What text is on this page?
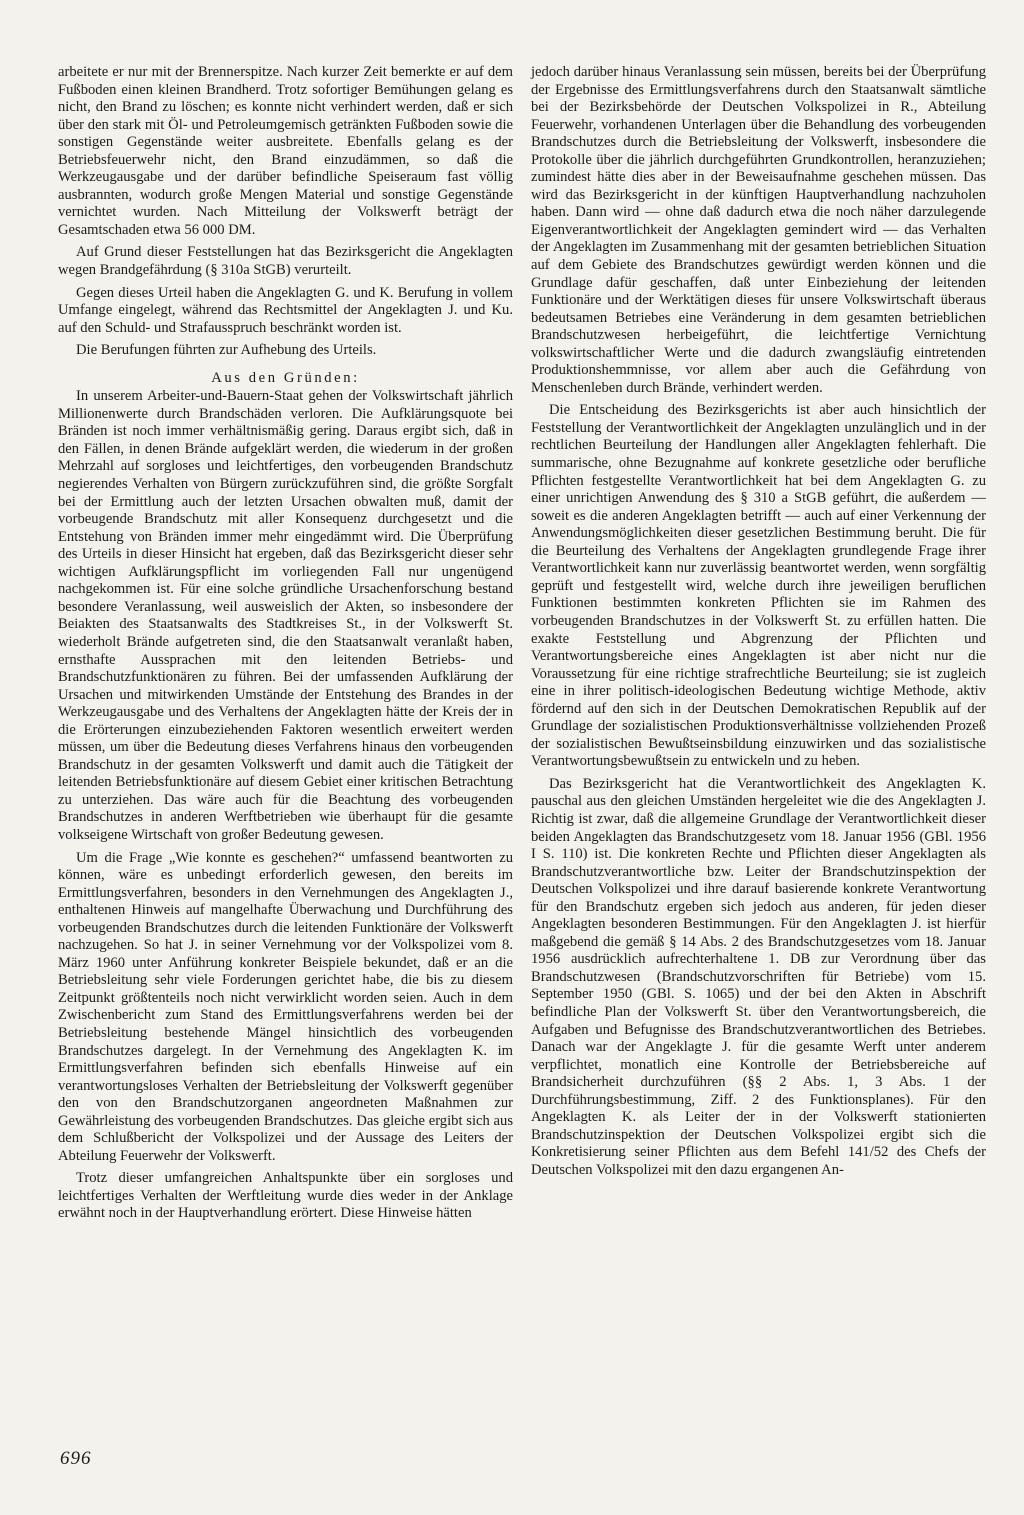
arbeitete er nur mit der Brennerspitze. Nach kurzer Zeit bemerkte er auf dem Fußboden einen kleinen Brandherd. Trotz sofortiger Bemühungen gelang es nicht, den Brand zu löschen; es konnte nicht verhindert werden, daß er sich über den stark mit Öl- und Petroleumgemisch getränkten Fußboden sowie die sonstigen Gegenstände weiter ausbreitete. Ebenfalls gelang es der Betriebsfeuerwehr nicht, den Brand einzudämmen, so daß die Werkzeugausgabe und der darüber befindliche Speiseraum fast völlig ausbrannten, wodurch große Mengen Material und sonstige Gegenstände vernichtet wurden. Nach Mitteilung der Volkswerft beträgt der Gesamtschaden etwa 56 000 DM.

Auf Grund dieser Feststellungen hat das Bezirksgericht die Angeklagten wegen Brandgefährdung (§ 310a StGB) verurteilt.

Gegen dieses Urteil haben die Angeklagten G. und K. Berufung in vollem Umfange eingelegt, während das Rechtsmittel der Angeklagten J. und Ku. auf den Schuld- und Strafausspruch beschränkt worden ist.

Die Berufungen führten zur Aufhebung des Urteils.

Aus den Gründen:

In unserem Arbeiter-und-Bauern-Staat gehen der Volkswirtschaft jährlich Millionenwerte durch Brandschäden verloren. Die Aufklärungsquote bei Bränden ist noch immer verhältnismäßig gering. Daraus ergibt sich, daß in den Fällen, in denen Brände aufgeklärt werden, die wiederum in der großen Mehrzahl auf sorgloses und leichtfertiges, den vorbeugenden Brandschutz negierendes Verhalten von Bürgern zurückzuführen sind, die größte Sorgfalt bei der Ermittlung auch der letzten Ursachen obwalten muß, damit der vorbeugende Brandschutz mit aller Konsequenz durchgesetzt und die Entstehung von Bränden immer mehr eingedämmt wird. Die Überprüfung des Urteils in dieser Hinsicht hat ergeben, daß das Bezirksgericht dieser sehr wichtigen Aufklärungspflicht im vorliegenden Fall nur ungenügend nachgekommen ist. Für eine solche gründliche Ursachenforschung bestand besondere Veranlassung, weil ausweislich der Akten, so insbesondere der Beiakten des Staatsanwalts des Stadtkreises St., in der Volkswerft St. wiederholt Brände aufgetreten sind, die den Staatsanwalt veranlaßt haben, ernsthafte Aussprachen mit den leitenden Betriebs- und Brandschutzfunktionären zu führen. Bei der umfassenden Aufklärung der Ursachen und mitwirkenden Umstände der Entstehung des Brandes in der Werkzeugausgabe und des Verhaltens der Angeklagten hätte der Kreis der in die Erörterungen einzubeziehenden Faktoren wesentlich erweitert werden müssen, um über die Bedeutung dieses Verfahrens hinaus den vorbeugenden Brandschutz in der gesamten Volkswerft und damit auch die Tätigkeit der leitenden Betriebsfunktionäre auf diesem Gebiet einer kritischen Betrachtung zu unterziehen. Das wäre auch für die Beachtung des vorbeugenden Brandschutzes in anderen Werftbetrieben wie überhaupt für die gesamte volkseigene Wirtschaft von großer Bedeutung gewesen.

Um die Frage „Wie konnte es geschehen?“ umfassend beantworten zu können, wäre es unbedingt erforderlich gewesen, den bereits im Ermittlungsverfahren, besonders in den Vernehmungen des Angeklagten J., enthaltenen Hinweis auf mangelhafte Überwachung und Durchführung des vorbeugenden Brandschutzes durch die leitenden Funktionäre der Volkswerft nachzugehen. So hat J. in seiner Vernehmung vor der Volkspolizei vom 8. März 1960 unter Anführung konkreter Beispiele bekundet, daß er an die Betriebsleitung sehr viele Forderungen gerichtet habe, die bis zu diesem Zeitpunkt größtenteils noch nicht verwirklicht worden seien. Auch in dem Zwischenbericht zum Stand des Ermittlungsverfahrens werden bei der Betriebsleitung bestehende Mängel hinsichtlich des vorbeugenden Brandschutzes dargelegt. In der Vernehmung des Angeklagten K. im Ermittlungsverfahren befinden sich ebenfalls Hinweise auf ein verantwortungsloses Verhalten der Betriebsleitung der Volkswerft gegenüber den von den Brandschutzorganen angeordneten Maßnahmen zur Gewährleistung des vorbeugenden Brandschutzes. Das gleiche ergibt sich aus dem Schlußbericht der Volkspolizei und der Aussage des Leiters der Abteilung Feuerwehr der Volkswerft.

Trotz dieser umfangreichen Anhaltspunkte über ein sorgloses und leichtfertiges Verhalten der Werftleitung wurde dies weder in der Anklage erwähnt noch in der Hauptverhandlung erörtert. Diese Hinweise hätten

jedoch darüber hinaus Veranlassung sein müssen, bereits bei der Überprüfung der Ergebnisse des Ermittlungsverfahrens durch den Staatsanwalt sämtliche bei der Bezirksbehörde der Deutschen Volkspolizei in R., Abteilung Feuerwehr, vorhandenen Unterlagen über die Behandlung des vorbeugenden Brandschutzes durch die Betriebsleitung der Volkswerft, insbesondere die Protokolle über die jährlich durchgeführten Grundkontrollen, heranzuziehen; zumindest hätte dies aber in der Beweisaufnahme geschehen müssen. Das wird das Bezirksgericht in der künftigen Hauptverhandlung nachzuholen haben. Dann wird — ohne daß dadurch etwa die noch näher darzulegende Eigenverantwortlichkeit der Angeklagten gemindert wird — das Verhalten der Angeklagten im Zusammenhang mit der gesamten betrieblichen Situation auf dem Gebiete des Brandschutzes gewürdigt werden können und die Grundlage dafür geschaffen, daß unter Einbeziehung der leitenden Funktionäre und der Werktätigen dieses für unsere Volkswirtschaft überaus bedeutsamen Betriebes eine Veränderung in dem gesamten betrieblichen Brandschutzwesen herbeigeführt, die leichtfertige Vernichtung volkswirtschaftlicher Werte und die dadurch zwangsläufig eintretenden Produktionshemmnisse, vor allem aber auch die Gefährdung von Menschenleben durch Brände, verhindert werden.

Die Entscheidung des Bezirksgerichts ist aber auch hinsichtlich der Feststellung der Verantwortlichkeit der Angeklagten unzulänglich und in der rechtlichen Beurteilung der Handlungen aller Angeklagten fehlerhaft. Die summarische, ohne Bezugnahme auf konkrete gesetzliche oder berufliche Pflichten festgestellte Verantwortlichkeit hat bei dem Angeklagten G. zu einer unrichtigen Anwendung des § 310 a StGB geführt, die außerdem — soweit es die anderen Angeklagten betrifft — auch auf einer Verkennung der Anwendungsmöglichkeiten dieser gesetzlichen Bestimmung beruht. Die für die Beurteilung des Verhaltens der Angeklagten grundlegende Frage ihrer Verantwortlichkeit kann nur zuverlässig beantwortet werden, wenn sorgfältig geprüft und festgestellt wird, welche durch ihre jeweiligen beruflichen Funktionen bestimmten konkreten Pflichten sie im Rahmen des vorbeugenden Brandschutzes in der Volkswerft St. zu erfüllen hatten. Die exakte Feststellung und Abgrenzung der Pflichten und Verantwortungsbereiche eines Angeklagten ist aber nicht nur die Voraussetzung für eine richtige strafrechtliche Beurteilung; sie ist zugleich eine in ihrer politisch-ideologischen Bedeutung wichtige Methode, aktiv fördernd auf den sich in der Deutschen Demokratischen Republik auf der Grundlage der sozialistischen Produktionsverhältnisse vollziehenden Prozeß der sozialistischen Bewußtseinsbildung einzuwirken und das sozialistische Verantwortungsbewußtsein zu entwickeln und zu heben.

Das Bezirksgericht hat die Verantwortlichkeit des Angeklagten K. pauschal aus den gleichen Umständen hergeleitet wie die des Angeklagten J. Richtig ist zwar, daß die allgemeine Grundlage der Verantwortlichkeit dieser beiden Angeklagten das Brandschutzgesetz vom 18. Januar 1956 (GBl. 1956 I S. 110) ist. Die konkreten Rechte und Pflichten dieser Angeklagten als Brandschutzverantwortliche bzw. Leiter der Brandschutzinspektion der Deutschen Volkspolizei und ihre darauf basierende konkrete Verantwortung für den Brandschutz ergeben sich jedoch aus anderen, für jeden dieser Angeklagten besonderen Bestimmungen. Für den Angeklagten J. ist hierfür maßgebend die gemäß § 14 Abs. 2 des Brandschutzgesetzes vom 18. Januar 1956 ausdrücklich aufrechterhaltene 1. DB zur Verordnung über das Brandschutzwesen (Brandschutzvorschriften für Betriebe) vom 15. September 1950 (GBl. S. 1065) und der bei den Akten in Abschrift befindliche Plan der Volkswerft St. über den Verantwortungsbereich, die Aufgaben und Befugnisse des Brandschutzverantwortlichen des Betriebes. Danach war der Angeklagte J. für die gesamte Werft unter anderem verpflichtet, monatlich eine Kontrolle der Betriebsbereiche auf Brandsicherheit durchzuführen (§§ 2 Abs. 1, 3 Abs. 1 der Durchführungsbestimmung, Ziff. 2 des Funktionsplanes). Für den Angeklagten K. als Leiter der in der Volkswerft stationierten Brandschutzinspektion der Deutschen Volkspolizei ergibt sich die Konkretisierung seiner Pflichten aus dem Befehl 141/52 des Chefs der Deutschen Volkspolizei mit den dazu ergangenen An-

696
